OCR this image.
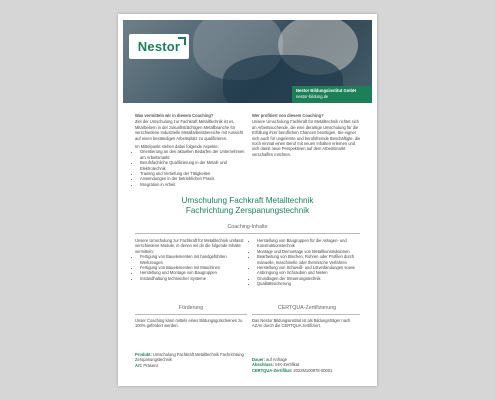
Nestor
Nestor Bildungsinstitut GmbH
nestor-bildung.de
Was vermitteln wir in diesem Coaching?
Ziel der Umschulung zur Fachkraft Metalltechnik ist es, Mitarbeitern in der zukunftsträchtigen Metallbranche für verschiedene Industrielle Metallarbeitsbereiche mit Aussicht auf einen beständigen Arbeitsplatz zu qualifizieren.
Im Mittelpunkt stehen dabei folgende Aspekte:
• Orientierung an den aktuellen Bedarfen der Unternehmen am Arbeitsmarkt
• Berufsfachliche Qualifizierung in der Metall- und Elektrotechnik
• Training und Vertiefung der Tätigkeiten
• Anwendungen in der betrieblichen Praxis
• Integration in Arbeit
Wer profitiert von diesem Coaching?
Unsere Umschulung Fachkraft für Metalltechnik richtet sich an Arbeitssuchende, die eine derartige Umschulung für die Erfüllung ihrer beruflichen Chancen benötigen. Sie eignet sich auch für ungelernte und berufsfremde Beschäftigte, die noch einmal einen Beruf mit neuen Inhalten erlernen und sich damit neue Perspektiven auf dem Arbeitsmarkt verschaffen möchten.
Umschulung Fachkraft Metalltechnik
Fachrichtung Zerspanungstechnik
Coaching-Inhalte
Unsere Umschulung zur Fachkraft für Metalltechnik umfasst verschiedene Module, in denen wir dir die folgende Inhalte vermitteln:
• Fertigung von Bauelementen mit handgeführten Werkzeugen
• Fertigung von Bauelementen mit Maschinen
• Herstellung und Montage von Baugruppen
• Instandhaltung technischer Systeme
• Herstellung von Baugruppen für die Anlagen- und Konstruktionstechnik
• Montage und Demontage von Metallkonstruktionen
• Bearbeitung von Blechen, Rohren oder Profilen durch manuelle, maschinelle oder thermische Verfahren
• Herstellung von Schweiß- und Lötverbindungen sowie Anbringung von Schrauben und Nieten
• Grundlagen der Steuerungstechnik
• Qualitätssicherung
Förderung	CERTQUA-Zertifizierung
Unser Coaching kann mittels eines Bildungsgutscheines zu 100% gefördert werden.
Das Nestor Bildungsinstitut ist als Bildungsträger nach AZAV durch die CERTQUA zertifiziert.
Produkt: Umschulung Fachkraft Metalltechnik Fachrichtung Zerspanungstechnik
Art: Präsenz
Dauer: auf Anfrage
Abschluss: IHK-Zertifikat
CERTQUA-Zertifikat: 2022M100978-00001
